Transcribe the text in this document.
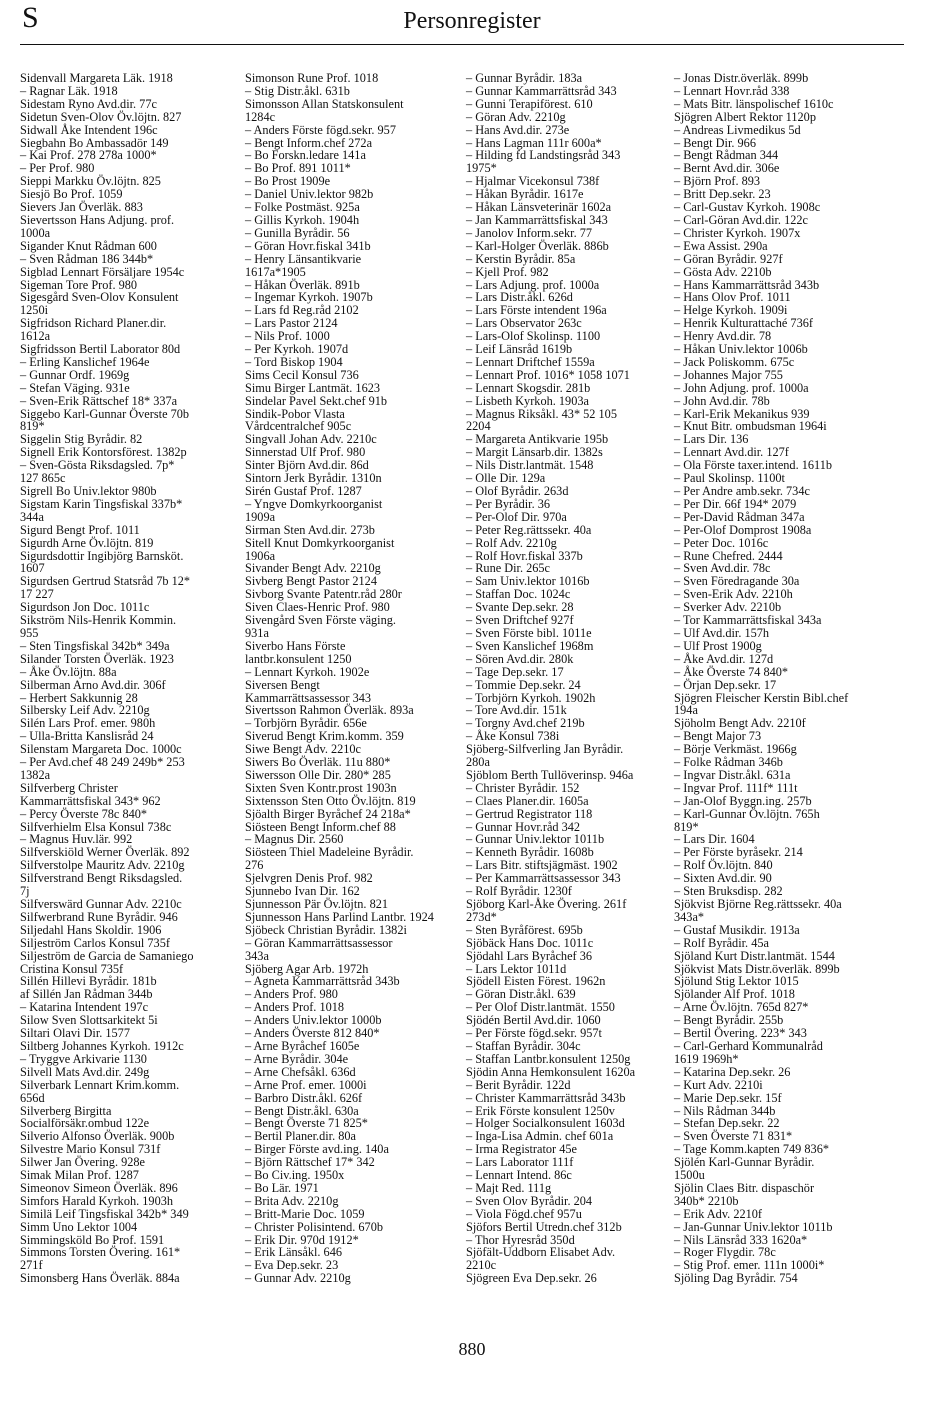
S	Personregister
Sidenvall Margareta Läk. 1918
– Ragnar Läk. 1918
Sidestam Ryno Avd.dir. 77c
Sidetun Sven-Olov Öv.löjtn. 827
Sidwall Åke Intendent 196c
Siegbahn Bo Ambassadör 149
– Kai Prof. 278 278a 1000*
– Per Prof. 980
Sieppi Markku Öv.löjtn. 825
Siesjö Bo Prof. 1059
Sievers Jan Överläk. 883
Sievertsson Hans Adjung. prof.
1000a
Sigander Knut Rådman 600
– Sven Rådman 186 344b*
Sigblad Lennart Försäljare 1954c
Sigeman Tore Prof. 980
Sigesgård Sven-Olov Konsulent
1250i
Sigfridson Richard Planer.dir.
1612a
Sigfridsson Bertil Laborator 80d
– Erling Kanslichef 1964e
– Gunnar Ordf. 1969g
– Stefan Väging. 931e
– Sven-Erik Rättschef 18* 337a
Siggebo Karl-Gunnar Överste 70b
819*
Siggelin Stig Byrådir. 82
Signell Erik Kontorsförest. 1382p
– Sven-Gösta Riksdagsled. 7p*
127 865c
Sigrell Bo Univ.lektor 980b
Sigstam Karin Tingsfiskal 337b*
344a
Sigurd Bengt Prof. 1011
Sigurdh Arne Öv.löjtn. 819
Sigurdsdottir Ingibjörg Barnsköt.
1607
Sigurdsen Gertrud Statsråd 7b 12*
17 227
Sigurdson Jon Doc. 1011c
Sikström Nils-Henrik Kommin.
955
– Sten Tingsfiskal 342b* 349a
Silander Torsten Överläk. 1923
– Åke Öv.löjtn. 88a
Silberman Arno Avd.dir. 306f
– Herbert Sakkunnig 28
Silbersky Leif Adv. 2210g
Silén Lars Prof. emer. 980h
– Ulla-Britta Kanslisråd 24
Silenstam Margareta Doc. 1000c
– Per Avd.chef 48 249 249b* 253
1382a
Silfverberg Christer
Kammarrättsfiskal 343* 962
– Percy Överste 78c 840*
Silfverhielm Elsa Konsul 738c
– Magnus Huv.lär. 992
Silfverskiöld Werner Överläk. 892
Silfverstolpe Mauritz Adv. 2210g
Silfverstrand Bengt Riksdagsled.
7j
Silfverswärd Gunnar Adv. 2210c
Silfwerbrand Rune Byrådir. 946
Siljedahl Hans Skoldir. 1906
Siljeström Carlos Konsul 735f
Siljeström de Garcia de Samaniego
Cristina Konsul 735f
Sillén Hillevi Byrådir. 181b
af Sillén Jan Rådman 344b
– Katarina Intendent 197c
Silow Sven Slottsarkitekt 5i
Siltari Olavi Dir. 1577
Siltberg Johannes Kyrkoh. 1912c
– Tryggve Arkivarie 1130
Silvell Mats Avd.dir. 249g
Silverbark Lennart Krim.komm.
656d
Silverberg Birgitta
Socialförsäkr.ombud 122e
Silverio Alfonso Överläk. 900b
Silvestre Mario Konsul 731f
Silwer Jan Övering. 928e
Simak Milan Prof. 1287
Simeonov Simeon Överläk. 896
Simfors Harald Kyrkoh. 1903h
Similä Leif Tingsfiskal 342b* 349
Simm Uno Lektor 1004
Simmingsköld Bo Prof. 1591
Simmons Torsten Övering. 161*
271f
Simonsberg Hans Överläk. 884a
Simonson Rune Prof. 1018
– Stig Distr.åkl. 631b
Simonsson Allan Statskonsulent
1284c
– Anders Förste fögd.sekr. 957
– Bengt Inform.chef 272a
– Bo Forskn.ledare 141a
– Bo Prof. 891 1011*
– Bo Prost 1909e
– Daniel Univ.lektor 982b
– Folke Postmäst. 925a
– Gillis Kyrkoh. 1904h
– Gunilla Byrådir. 56
– Göran Hovr.fiskal 341b
– Henry Länsantikvarie
1617a*1905
– Håkan Överläk. 891b
– Ingemar Kyrkoh. 1907b
– Lars fd Reg.råd 2102
– Lars Pastor 2124
– Nils Prof. 1000
– Per Kyrkoh. 1907d
– Tord Biskop 1904
Sims Cecil Konsul 736
Simu Birger Lantmät. 1623
Sindelar Pavel Sekt.chef 91b
Sindik-Pobor Vlasta
Vårdcentralchef 905c
Singvall Johan Adv. 2210c
Sinnerstad Ulf Prof. 980
Sinter Björn Avd.dir. 86d
Sintorn Jerk Byrådir. 1310n
Sirén Gustaf Prof. 1287
– Yngve Domkyrkoorganist
1909a
Sirman Sten Avd.dir. 273b
Sitell Knut Domkyrkoorganist
1906a
Sivander Bengt Adv. 2210g
Sivberg Bengt Pastor 2124
Sivborg Svante Patentr.råd 280r
Siven Claes-Henric Prof. 980
Sivengård Sven Förste väging.
931a
Siverbo Hans Förste
lantbr.konsulent 1250
– Lennart Kyrkoh. 1902e
Siversen Bengt
Kammarrättsassessor 343
Sivertsson Rahmon Överläk. 893a
– Torbjörn Byrådir. 656e
Siverud Bengt Krim.komm. 359
Siwe Bengt Adv. 2210c
Siwers Bo Överläk. 11u 880*
Siwersson Olle Dir. 280* 285
Sixten Sven Kontr.prost 1903n
Sixtensson Sten Otto Öv.löjtn. 819
Sjöalth Birger Byråchef 24 218a*
Siösteen Bengt Inform.chef 88
– Magnus Dir. 2560
Siösteen Thiel Madeleine Byrådir.
276
Sjelvgren Denis Prof. 982
Sjunnebo Ivan Dir. 162
Sjunnesson Pär Öv.löjtn. 821
Sjunnesson Hans Parlind Lantbr. 1924
Sjöbeck Christian Byrådir. 1382i
– Göran Kammarrättsassessor
343a
Sjöberg Agar Arb. 1972h
– Agneta Kammarrättsråd 343b
– Anders Prof. 980
– Anders Prof. 1018
– Anders Univ.lektor 1000b
– Anders Överste 812 840*
– Arne Byråchef 1605e
– Arne Byrådir. 304e
– Arne Chefsåkl. 636d
– Arne Prof. emer. 1000i
– Barbro Distr.åkl. 626f
– Bengt Distr.åkl. 630a
– Bengt Överste 71 825*
– Bertil Planer.dir. 80a
– Birger Förste avd.ing. 140a
– Björn Rättschef 17* 342
– Bo Civ.ing. 1950x
– Bo Lär. 1971
– Brita Adv. 2210g
– Britt-Marie Doc. 1059
– Christer Polisintend. 670b
– Erik Dir. 970d 1912*
– Erik Länsåkl. 646
– Eva Dep.sekr. 23
– Gunnar Adv. 2210g
– Gunnar Byrådir. 183a
– Gunnar Kammarrättsråd 343
– Gunni Terapiförest. 610
– Göran Adv. 2210g
– Hans Avd.dir. 273e
– Hans Lagman 111r 600a*
– Hilding fd Landstingsråd 343
1975*
– Hjalmar Vicekonsul 738f
– Håkan Byrådir. 1617e
– Håkan Länsveterinär 1602a
– Jan Kammarrättsfiskal 343
– Janolov Inform.sekr. 77
– Karl-Holger Överläk. 886b
– Kerstin Byrådir. 85a
– Kjell Prof. 982
– Lars Adjung. prof. 1000a
– Lars Distr.åkl. 626d
– Lars Förste intendent 196a
– Lars Observator 263c
– Lars-Olof Skolinsp. 1100
– Leif Länsråd 1619b
– Lennart Driftchef 1559a
– Lennart Prof. 1016* 1058 1071
– Lennart Skogsdir. 281b
– Lisbeth Kyrkoh. 1903a
– Magnus Riksåkl. 43* 52 105
2204
– Margareta Antikvarie 195b
– Margit Länsarb.dir. 1382s
– Nils Distr.lantmät. 1548
– Olle Dir. 129a
– Olof Byrådir. 263d
– Per Byrådir. 36
– Per-Olof Dir. 970a
– Peter Reg.rättssekr. 40a
– Rolf Adv. 2210g
– Rolf Hovr.fiskal 337b
– Rune Dir. 265c
– Sam Univ.lektor 1016b
– Staffan Doc. 1024c
– Svante Dep.sekr. 28
– Sven Driftchef 927f
– Sven Förste bibl. 1011e
– Sven Kanslichef 1968m
– Sören Avd.dir. 280k
– Tage Dep.sekr. 17
– Tommie Dep.sekr. 24
– Torbjörn Kyrkoh. 1902h
– Tore Avd.dir. 151k
– Torgny Avd.chef 219b
– Åke Konsul 738i
Sjöberg-Silfverling Jan Byrådir.
280a
Sjöblom Berth Tullöverinsp. 946a
– Christer Byrådir. 152
– Claes Planer.dir. 1605a
– Gertrud Registrator 118
– Gunnar Hovr.råd 342
– Gunnar Univ.lektor 1011b
– Kenneth Byrådir. 1608b
– Lars Bitr. stiftsjägmäst. 1902
– Per Kammarrättsassessor 343
– Rolf Byrådir. 1230f
Sjöborg Karl-Åke Övering. 261f
273d*
– Sten Byråförest. 695b
Sjöbäck Hans Doc. 1011c
Sjödahl Lars Byråchef 36
– Lars Lektor 1011d
Sjödell Eisten Förest. 1962n
– Göran Distr.åkl. 639
– Per Olof Distr.lantmät. 1550
Sjödén Bertil Avd.dir. 1060
– Per Förste fögd.sekr. 957t
– Staffan Byrådir. 304c
– Staffan Lantbr.konsulent 1250g
Sjödin Anna Hemkonsulent 1620a
– Berit Byrådir. 122d
– Christer Kammarrättsråd 343b
– Erik Förste konsulent 1250v
– Holger Socialkonsulent 1603d
– Inga-Lisa Admin. chef 601a
– Irma Registrator 45e
– Lars Laborator 111f
– Lennart Intend. 86c
– Majt Red. 111g
– Sven Olov Byrådir. 204
– Viola Fögd.chef 957u
Sjöfors Bertil Utredn.chef 312b
– Thor Hyresråd 350d
Sjöfält-Uddborn Elisabet Adv.
2210c
Sjögreen Eva Dep.sekr. 26
– Jonas Distr.överläk. 899b
– Lennart Hovr.råd 338
– Mats Bitr. länspolischef 1610c
Sjögren Albert Rektor 1120p
– Andreas Livmedikus 5d
– Bengt Dir. 966
– Bengt Rådman 344
– Bernt Avd.dir. 306e
– Björn Prof. 893
– Britt Dep.sekr. 23
– Carl-Gustav Kyrkoh. 1908c
– Carl-Göran Avd.dir. 122c
– Christer Kyrkoh. 1907x
– Ewa Assist. 290a
– Göran Byrådir. 927f
– Gösta Adv. 2210b
– Hans Kammarrättsråd 343b
– Hans Olov Prof. 1011
– Helge Kyrkoh. 1909i
– Henrik Kulturattaché 736f
– Henry Avd.dir. 78
– Håkan Univ.lektor 1006b
– Jack Poliskomm. 675c
– Johannes Major 755
– John Adjung. prof. 1000a
– John Avd.dir. 78b
– Karl-Erik Mekanikus 939
– Knut Bitr. ombudsman 1964i
– Lars Dir. 136
– Lennart Avd.dir. 127f
– Ola Förste taxer.intend. 1611b
– Paul Skolinsp. 1100t
– Per Andre amb.sekr. 734c
– Per Dir. 66f 194* 2079
– Per-David Rådman 347a
– Per-Olof Domprost 1908a
– Peter Doc. 1016c
– Rune Chefred. 2444
– Sven Avd.dir. 78c
– Sven Föredragande 30a
– Sven-Erik Adv. 2210h
– Sverker Adv. 2210b
– Tor Kammarrättsfiskal 343a
– Ulf Avd.dir. 157h
– Ulf Prost 1900g
– Åke Avd.dir. 127d
– Åke Överste 74 840*
– Örjan Dep.sekr. 17
Sjögren Fleischer Kerstin Bibl.chef
194a
Sjöholm Bengt Adv. 2210f
– Bengt Major 73
– Börje Verkmäst. 1966g
– Folke Rådman 346b
– Ingvar Distr.åkl. 631a
– Ingvar Prof. 111f* 111t
– Jan-Olof Byggn.ing. 257b
– Karl-Gunnar Öv.löjtn. 765h
819*
– Lars Dir. 1604
– Per Förste byråsekr. 214
– Rolf Öv.löjtn. 840
– Sixten Avd.dir. 90
– Sten Bruksdisp. 282
Sjökvist Björne Reg.rättssekr. 40a
343a*
– Gustaf Musikdir. 1913a
– Rolf Byrådir. 45a
Sjöland Kurt Distr.lantmät. 1544
Sjökvist Mats Distr.överläk. 899b
Sjölund Stig Lektor 1015
Sjölander Alf Prof. 1018
– Arne Öv.löjtn. 765d 827*
– Bengt Byrådir. 255b
– Bertil Övering. 223* 343
– Carl-Gerhard Kommunalråd
1619 1969h*
– Katarina Dep.sekr. 26
– Kurt Adv. 2210i
– Marie Dep.sekr. 15f
– Nils Rådman 344b
– Stefan Dep.sekr. 22
– Sven Överste 71 831*
– Tage Komm.kapten 749 836*
Sjölén Karl-Gunnar Byrådir.
1500u
Sjölin Claes Bitr. dispaschör
340b* 2210b
– Erik Adv. 2210f
– Jan-Gunnar Univ.lektor 1011b
– Nils Länsråd 333 1620a*
– Roger Flygdir. 78c
– Stig Prof. emer. 111n 1000i*
Sjöling Dag Byrådir. 754
880
